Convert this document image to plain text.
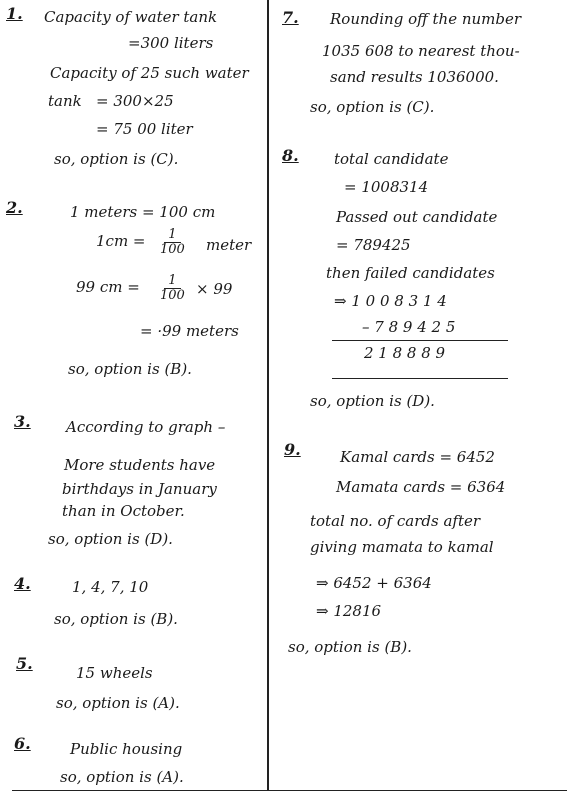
1. Capacity of water tank
=300 liters
Capacity of 25 such water
tank = 300×25
= 75 00 liter
so, option is (C).
2.	1 meters = 100 cm
$1cm = \frac{1}{100}$ meter
99 cm = $\frac{1}{100} \times 99$
= ·99 meters
so, option is (B).
3. According to graph –
More students have
birthdays in January
than in October.
so, option is (D).
4.	1, 4, 7, 10
so, option is (B).
5.	15 wheels
so, option is (A).
6.	Public housing
so, option is (A).
7. Rounding off the number
1035 608 to nearest thou-
sand results 1036000.
so, option is (C).
8. total candidate
= 1008314
Passed out candidate
= 789425
then failed candidates
⇒ 1 0 0 8 3 1 4
– 7 8 9 4 2 5
2 1 8 8 8 9
so, option is (D).
9.	Kamal cards = 6452
Mamata cards = 6364
total no. of cards after
giving mamata to kamal
⇒ 6452 + 6364
⇒ 12816
so, option is (B).
